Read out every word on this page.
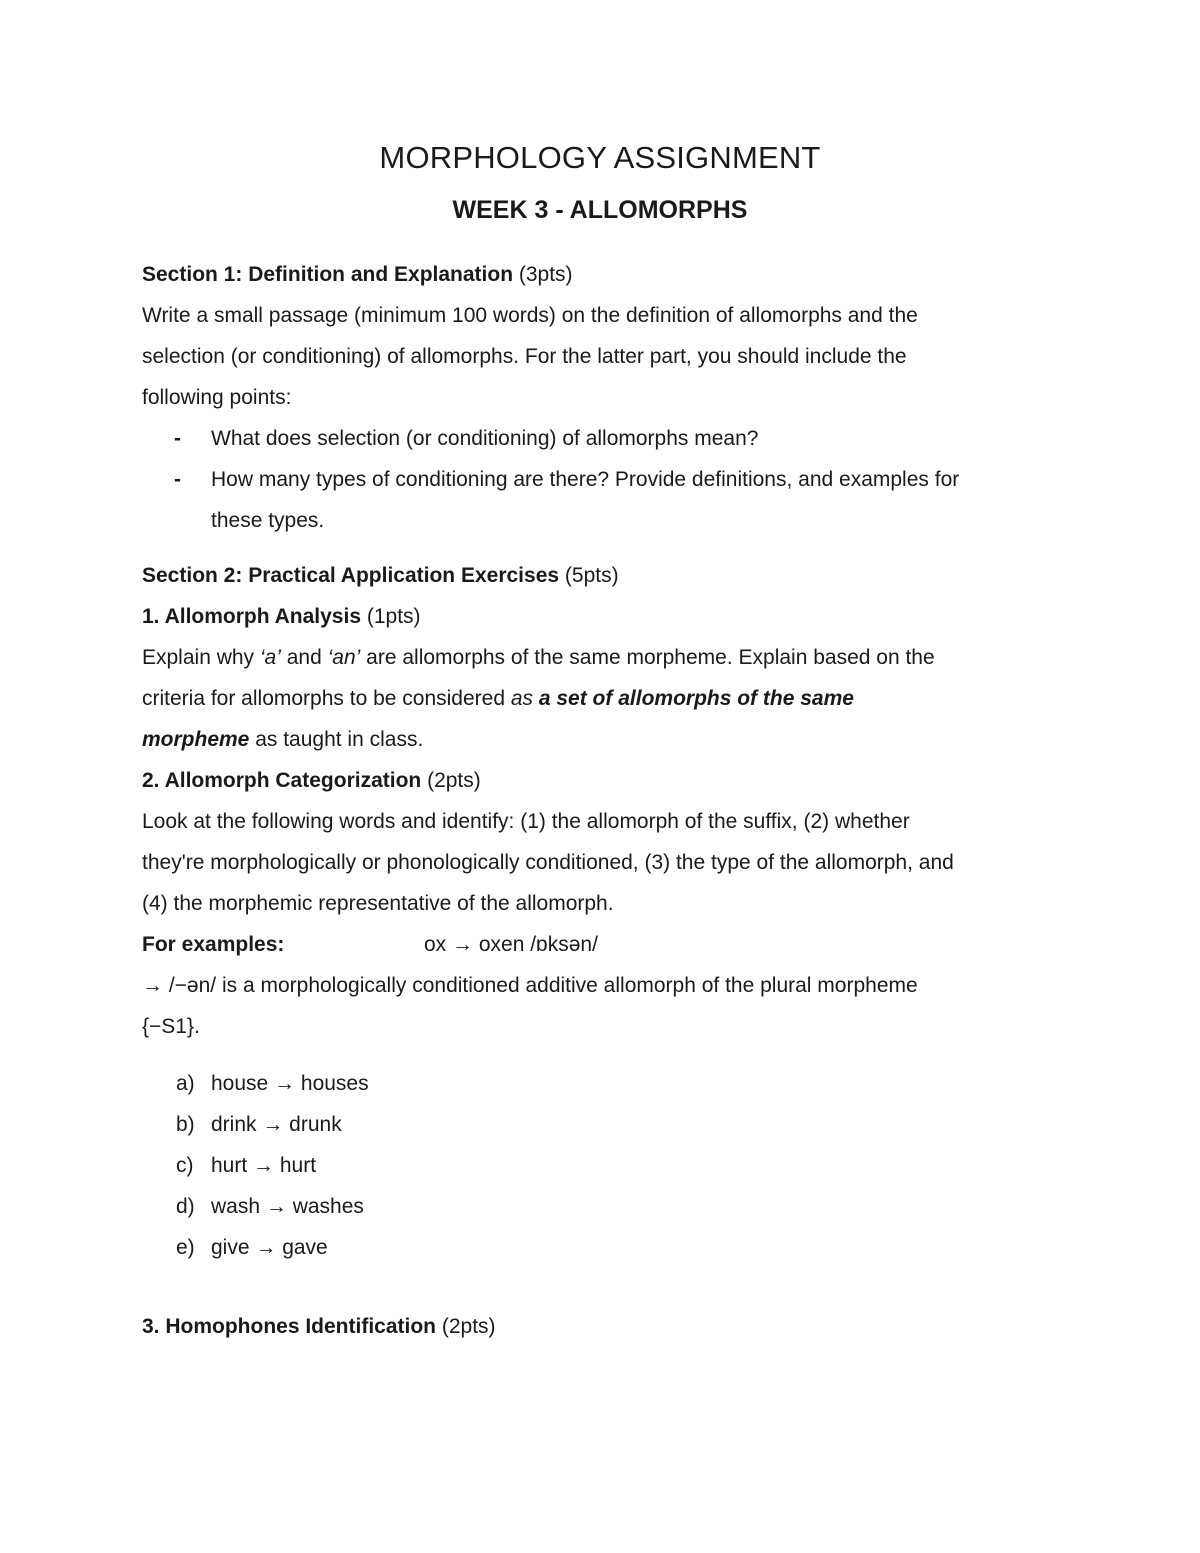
MORPHOLOGY ASSIGNMENT
WEEK 3 - ALLOMORPHS
Section 1: Definition and Explanation (3pts)
Write a small passage (minimum 100 words) on the definition of allomorphs and the
selection (or conditioning) of allomorphs. For the latter part, you should include the
following points:
- What does selection (or conditioning) of allomorphs mean?
- How many types of conditioning are there? Provide definitions, and examples for
these types.
Section 2: Practical Application Exercises (5pts)
1. Allomorph Analysis (1pts)
Explain why ‘a’ and ‘an’ are allomorphs of the same morpheme. Explain based on the
criteria for allomorphs to be considered as a set of allomorphs of the same
morpheme as taught in class.
2. Allomorph Categorization (2pts)
Look at the following words and identify: (1) the allomorph of the suffix, (2) whether
they're morphologically or phonologically conditioned, (3) the type of the allomorph, and
(4) the morphemic representative of the allomorph.
For examples:	ox → oxen /ɒksən/
→ /−ən/ is a morphologically conditioned additive allomorph of the plural morpheme
{−S1}.
a) house → houses
b) drink → drunk
c) hurt → hurt
d) wash → washes
e) give → gave
3. Homophones Identification (2pts)
